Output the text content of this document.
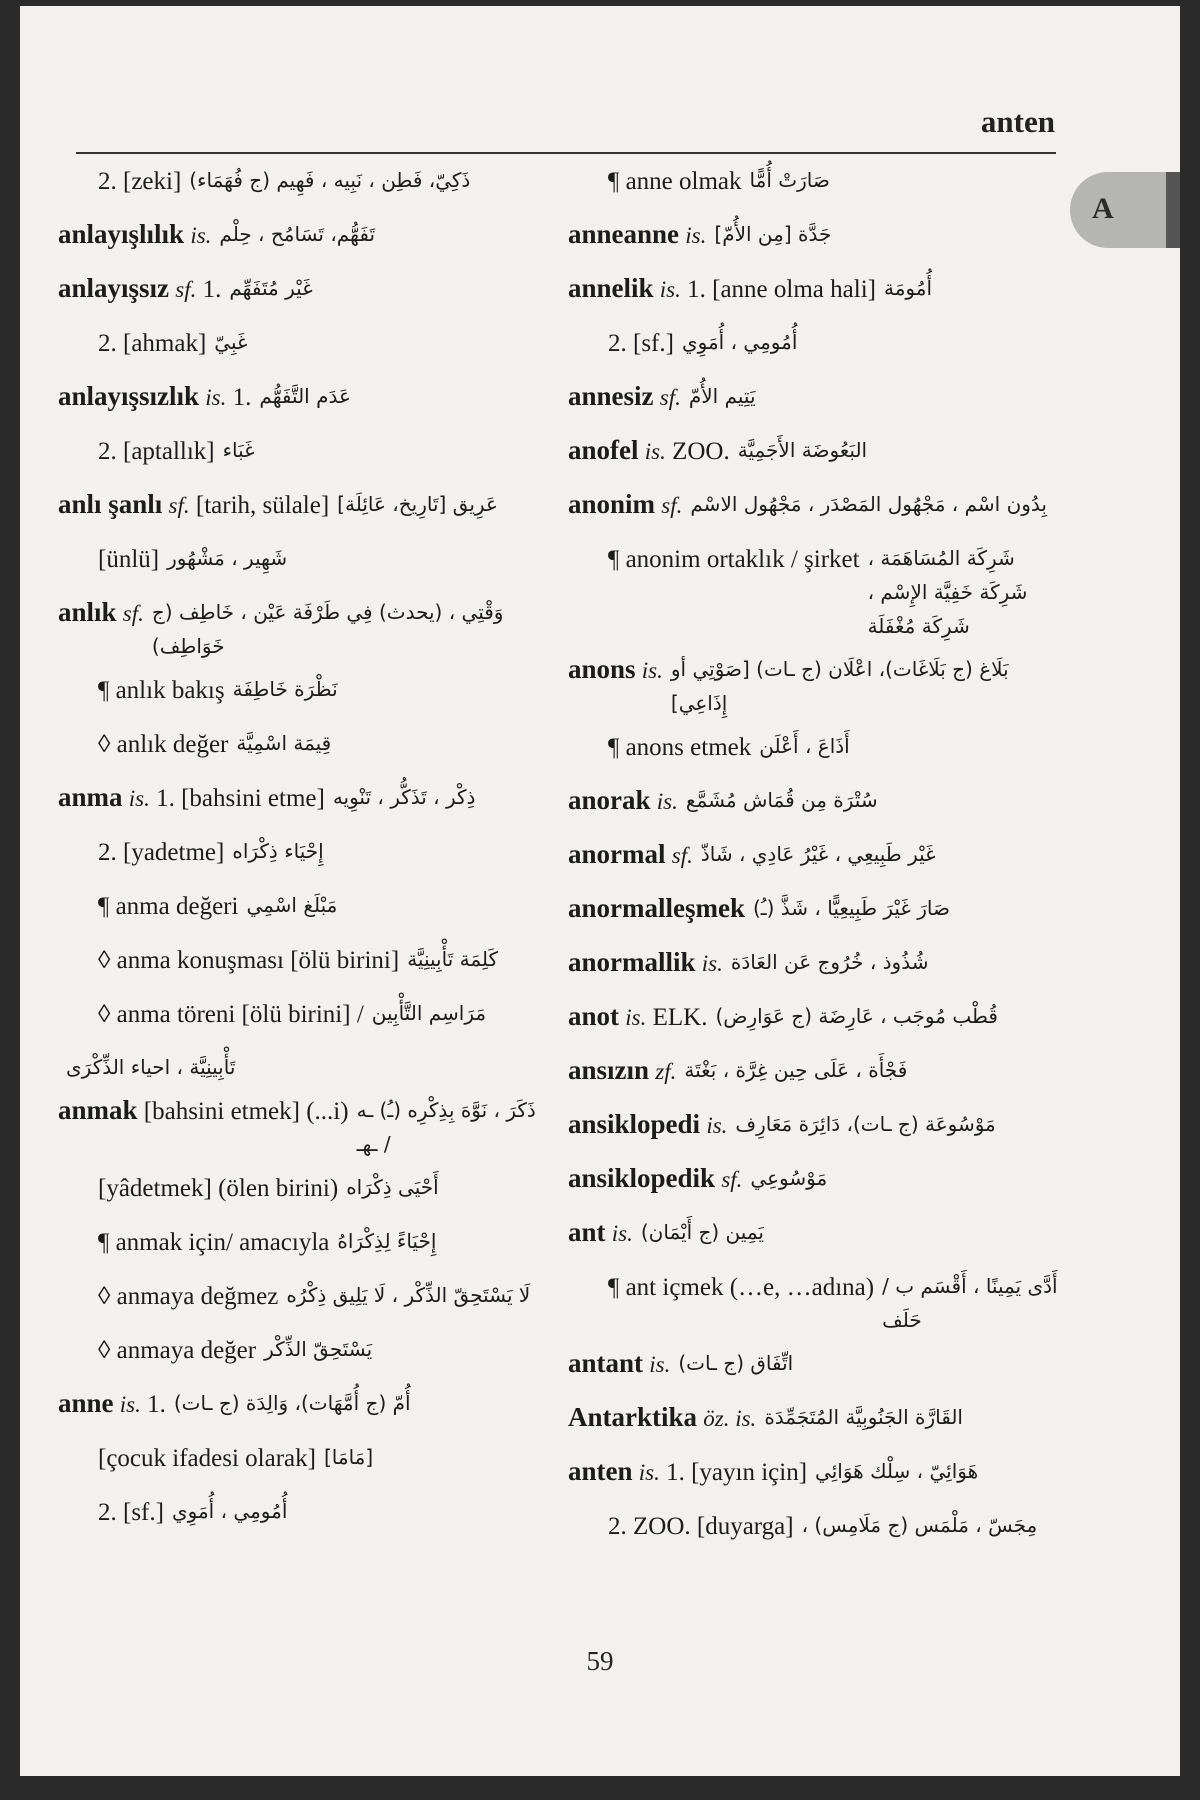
anten
A
2. [zeki] ذَكِيّ، فَطِن ، نَبِيه ، فَهِيم (ج فُهَمَاء)
anlayışlılık is. تَفَهُّم، تَسَامُح ، حِلْم
anlayışsız sf. 1. غَيْر مُتَفَهِّم
2. [ahmak] غَبِيّ
anlayışsızlık is. 1. عَدَم التَّفَهُّم
2. [aptallık] غَبَاء
anlı şanlı sf. [tarih, sülale] عَرِيق [تَارِيخ، عَائِلَة]
[ünlü] شَهِير ، مَشْهُور
anlık sf. وَقْتِي ، (يحدث) فِي طَرْفَة عَيْن ، خَاطِف (ج خَوَاطِف)
¶ anlık bakış نَظْرَة خَاطِفَة
◊ anlık değer قِيمَة اسْمِيَّة
anma is. 1. [bahsini etme] ذِكْر ، تَذَكُّر ، تَنْوِيه
2. [yadetme] إِحْيَاء ذِكْرَاه
¶ anma değeri مَبْلَغ اسْمِي
◊ anma konuşması [ölü birini] كَلِمَة تَأْبِينِيَّة
◊ anma töreni [ölü birini] / مَرَاسِم التَّأْبِين
تَأْبِينِيَّة ، احياء الذِّكْرَى
anmak [bahsini etmek] (...i) ذَكَرَ ، نَوَّهَ بِذِكْرِه (ـُ) ـه / ـهـ
[yâdetmek] (ölen birini) أَحْيَى ذِكْرَاه
¶ anmak için/ amacıyla إِحْيَاءً لِذِكْرَاهُ
◊ anmaya değmez لَا يَسْتَحِقّ الذِّكْر ، لَا يَلِيق ذِكْرُه
◊ anmaya değer يَسْتَحِقّ الذِّكْر
anne is. 1. أُمّ (ج أُمَّهَات)، وَالِدَة (ج ـات)
[çocuk ifadesi olarak] [مَامَا]
2. [sf.] أُمُومِي ، أُمَوِي
¶ anne olmak صَارَتْ أُمًّا
anneanne is. جَدَّة [مِن الأُمّ]
annelik is. 1. [anne olma hali] أُمُومَة
2. [sf.] أُمُومِي ، أُمَوِي
annesiz sf. يَتِيم الأُمّ
anofel is. ZOO. البَعُوضَة الأَجَمِيَّة
anonim sf. بِدُون اسْم ، مَجْهُول المَصْدَر ، مَجْهُول الاسْم
¶ anonim ortaklık / şirket شَرِكَة المُسَاهَمَة ، شَرِكَة خَفِيَّة الإِسْم ، شَرِكَة مُغْفَلَة
anons is. بَلَاغ (ج بَلَاغَات)، اعْلَان (ج ـات) [صَوْتِي أو إِذَاعِي]
¶ anons etmek أَذَاعَ ، أَعْلَن
anorak is. سُتْرَة مِن قُمَاش مُشَمَّع
anormal sf. غَيْر طَبِيعِي ، غَيْرُ عَادِي ، شَاذّ
anormalleşmek صَارَ غَيْرَ طَبِيعِيًّا ، شَذَّ (ـُ)
anormallik is. شُذُوذ ، خُرُوج عَن العَادَة
anot is. ELK. قُطْب مُوجَب ، عَارِضَة (ج عَوَارِض)
ansızın zf. فَجْأَة ، عَلَى حِين غِرَّة ، بَغْتَة
ansiklopedi is. مَوْسُوعَة (ج ـات)، دَائِرَة مَعَارِف
ansiklopedik sf. مَوْسُوعِي
ant is. يَمِين (ج أَيْمَان)
¶ ant içmek (…e, …adına) أَدَّى يَمِينًا ، أَقْسَم ب / حَلَف
antant is. اتِّفَاق (ج ـات)
Antarktika öz. is. القَارَّة الجَنُوبِيَّة المُتَجَمِّدَة
anten is. 1. [yayın için] هَوَائِيّ ، سِلْك هَوَائِي
2. ZOO. [duyarga] مِجَسّ ، مَلْمَس (ج مَلَامِس) ،
59
